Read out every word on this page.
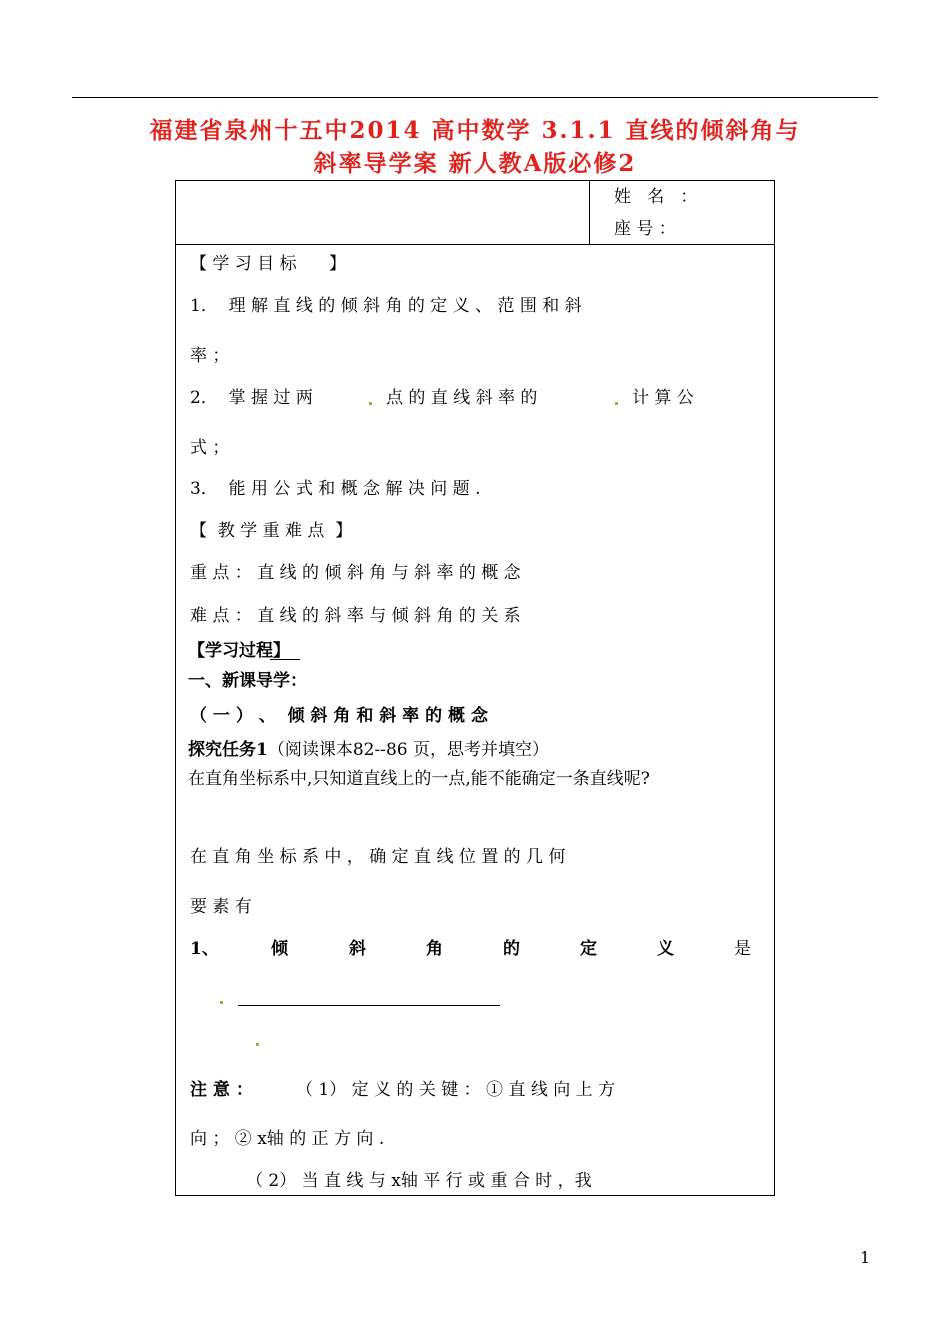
福建省泉州十五中2014 高中数学 3.1.1 直线的倾斜角与
斜率导学案 新人教A版必修2
姓   名   ：
座 号 ：
【 学 习 目 标      】
1．  理 解 直 线 的 倾 斜 角 的 定 义 、 范 围 和 斜
率 ；
2．  掌 握 过 两	点 的 直 线 斜 率 的	计 算 公
式 ；
3．  能 用 公 式 和 概 念 解 决 问 题 .
【  教 学 重 难 点  】
重 点 ： 直 线 的 倾 斜 角 与 斜 率 的 概 念
难 点 ： 直 线 的 斜 率 与 倾 斜 角 的 关 系
【学习过程】
一、新课导学：
（ 一 ） 、  倾 斜 角 和 斜 率 的 概 念
探究任务1（阅读课本82--86 页，思考并填空）
在直角坐标系中,只知道直线上的一点,能不能确定一条直线呢?
在 直 角 坐 标 系 中 ， 确 定 直 线 位 置 的 几 何
要 素 有
1、	倾	斜	角	的	定	义	是
注 意 ：	（ 1） 定 义 的 关 键 ： ① 直 线 向 上 方
向 ； ② x轴 的 正 方 向 .
（ 2） 当 直 线 与 x轴 平 行 或 重 合 时 ，我
1
